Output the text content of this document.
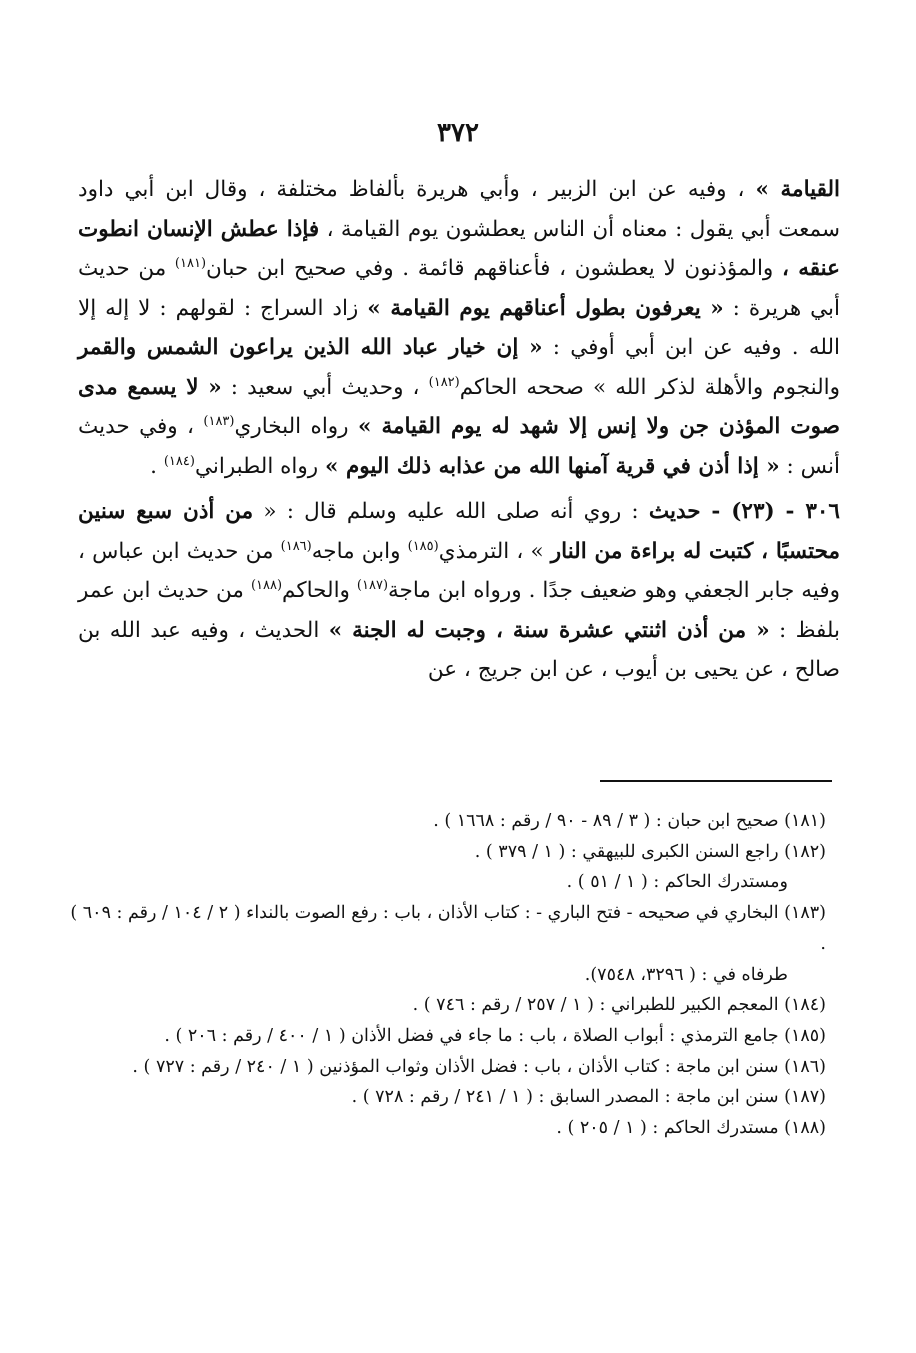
٣٧٢

القيامة » ، وفيه عن ابن الزبير ، وأبي هريرة بألفاظ مختلفة ، وقال ابن أبي داود سمعت أبي يقول : معناه أن الناس يعطشون يوم القيامة ، فإذا عطش الإنسان انطوت عنقه ، والمؤذنون لا يعطشون ، فأعناقهم قائمة . وفي صحيح ابن حبان$^{(١٨١)}$ من حديث أبي هريرة : « يعرفون بطول أعناقهم يوم القيامة » زاد السراج : لقولهم : لا إله إلا الله . وفيه عن ابن أبي أوفي : « إن خيار عباد الله الذين يراعون الشمس والقمر والنجوم والأهلة لذكر الله » صححه الحاكم$^{(١٨٢)}$ ، وحديث أبي سعيد : « لا يسمع مدى صوت المؤذن جن ولا إنس إلا شهد له يوم القيامة » رواه البخاري$^{(١٨٣)}$ ، وفي حديث أنس : « إذا أذن في قرية آمنها الله من عذابه ذلك اليوم » رواه الطبراني$^{(١٨٤)}$ .

٣٠٦ - (٢٣) - حديث : روي أنه صلى الله عليه وسلم قال : « من أذن سبع سنين محتسبًا ، كتبت له براءة من النار » ، الترمذي$^{(١٨٥)}$ وابن ماجه$^{(١٨٦)}$ من حديث ابن عباس ، وفيه جابر الجعفي وهو ضعيف جدًا . ورواه ابن ماجة$^{(١٨٧)}$ والحاكم$^{(١٨٨)}$ من حديث ابن عمر بلفظ : « من أذن اثنتي عشرة سنة ، وجبت له الجنة » الحديث ، وفيه عبد الله بن صالح ، عن يحيى بن أيوب ، عن ابن جريج ، عن

(١٨١) صحيح ابن حبان : ( ٣ / ٨٩ - ٩٠ / رقم : ١٦٦٨ ) .

(١٨٢) راجع السنن الكبرى للبيهقي : ( ١ / ٣٧٩ ) .

ومستدرك الحاكم : ( ١ / ٥١ ) .

(١٨٣) البخاري في صحيحه - فتح الباري - : كتاب الأذان ، باب : رفع الصوت بالنداء ( ٢ / ١٠٤ / رقم : ٦٠٩ ) .

طرفاه في : ( ٣٢٩٦، ٧٥٤٨).

(١٨٤) المعجم الكبير للطبراني : ( ١ / ٢٥٧ / رقم : ٧٤٦ ) .

(١٨٥) جامع الترمذي : أبواب الصلاة ، باب : ما جاء في فضل الأذان ( ١ / ٤٠٠ / رقم : ٢٠٦ ) .

(١٨٦) سنن ابن ماجة : كتاب الأذان ، باب : فضل الأذان وثواب المؤذنين ( ١ / ٢٤٠ / رقم : ٧٢٧ ) .

(١٨٧) سنن ابن ماجة : المصدر السابق : ( ١ / ٢٤١ / رقم : ٧٢٨ ) .

(١٨٨) مستدرك الحاكم : ( ١ / ٢٠٥ ) .
